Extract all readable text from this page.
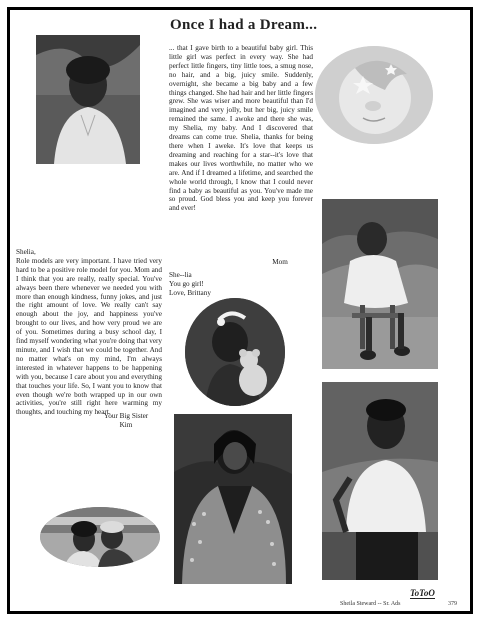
Once I had a Dream...

... that I gave birth to a beautiful baby girl. This little girl was perfect in every way. She had perfect little fingers, tiny little toes, a smug nose, no hair, and a big, juicy smile. Suddenly, overnight, she became a big baby and a few things changed. She had hair and her little fingers grew. She was wiser and more beautiful than I'd imagined and very jolly, but her big, juicy smile remained the same. I awoke and there she was, my Shelia, my baby. And I discovered that dreams can come true. Shelia, thanks for being there when I aweke. It's love that keeps us dreaming and reaching for a star--it's love that makes our lives worthwhile, no matter who we are. And if I dreamed a lifetime, and searched the whole world through, I know that I could never find a baby as beautiful as you. You've made me so proud. God bless you and keep you forever and ever!

Mom

She--lia

You go girl!

Love, Brittany

Shelia,

Role models are very important. I have tried very hard to be a positive role model for you. Mom and I think that you are really, really special. You've always been there whenever we needed you with more than enough kindness, funny jokes, and just the right amount of love. We really can't say enough about the joy, and happiness you've brought to our lives, and how very proud we are of you. Sometimes during a busy school day, I find myself wondering what you're doing that very minute, and I wish that we could be together. And no matter what's on my mind, I'm always interested in whatever happens to be happening with you, because I care about you and everything that touches your life. So, I want you to know that even though we're both wrapped up in our own activities, you're still right here warming my thoughts, and touching my heart.

Your Big Sister
Kim
Sheila Steward -- Sr. Ads
ToToO
379
